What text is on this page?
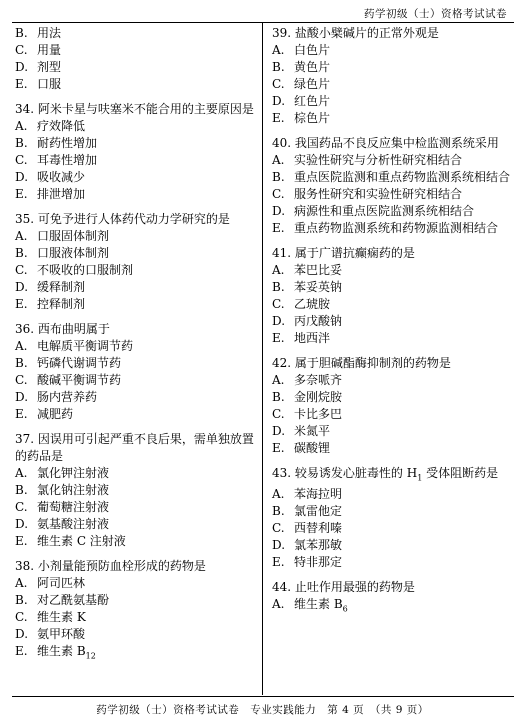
药学初级（士）资格考试试卷
B. 用法
C. 用量
D. 剂型
E. 口服
34. 阿米卡星与呋塞米不能合用的主要原因是
A. 疗效降低
B. 耐药性增加
C. 耳毒性增加
D. 吸收减少
E. 排泄增加
35. 可免予进行人体药代动力学研究的是
A. 口服固体制剂
B. 口服液体制剂
C. 不吸收的口服制剂
D. 缓释制剂
E. 控释制剂
36. 西布曲明属于
A. 电解质平衡调节药
B. 钙磷代谢调节药
C. 酸碱平衡调节药
D. 肠内营养药
E. 减肥药
37. 因误用可引起严重不良后果，需单独放置的药品是
A. 氯化钾注射液
B. 氯化钠注射液
C. 葡萄糖注射液
D. 氨基酸注射液
E. 维生素 C 注射液
38. 小剂量能预防血栓形成的药物是
A. 阿司匹林
B. 对乙酰氨基酚
C. 维生素 K
D. 氨甲环酸
E. 维生素 $B_{12}$
39. 盐酸小檗碱片的正常外观是
A. 白色片
B. 黄色片
C. 绿色片
D. 红色片
E. 棕色片
40. 我国药品不良反应集中检监测系统采用
A. 实验性研究与分析性研究相结合
B. 重点医院监测和重点药物监测系统相结合
C. 服务性研究和实验性研究相结合
D. 病源性和重点医院监测系统相结合
E. 重点药物监测系统和药物源监测相结合
41. 属于广谱抗癫痫药的是
A. 苯巴比妥
B. 苯妥英钠
C. 乙琥胺
D. 丙戊酸钠
E. 地西泮
42. 属于胆碱酯酶抑制剂的药物是
A. 多奈哌齐
B. 金刚烷胺
C. 卡比多巴
D. 米氮平
E. 碳酸锂
43. 较易诱发心脏毒性的 $H_1$ 受体阻断药是
A. 苯海拉明
B. 氯雷他定
C. 西替利嗪
D. 氯苯那敏
E. 特非那定
44. 止吐作用最强的药物是
A. 维生素 $B_6$
药学初级（士）资格考试试卷　专业实践能力　第 4 页　（共 9 页）
